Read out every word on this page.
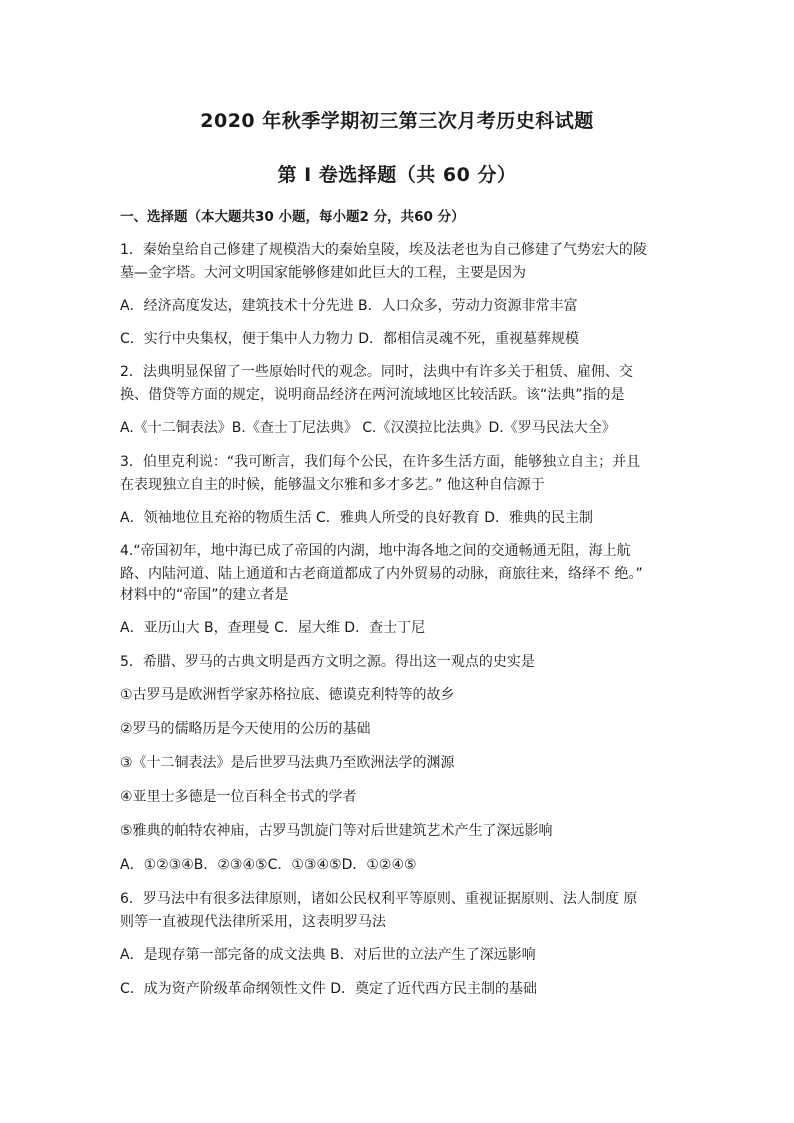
2020 年秋季学期初三第三次月考历史科试题
第 I 卷选择题（共 60 分）
一、选择题（本大题共30 小题，每小题2 分，共60 分）
1．秦始皇给自己修建了规模浩大的秦始皇陵，埃及法老也为自己修建了气势宏大的陵
墓—金字塔。大河文明国家能够修建如此巨大的工程，主要是因为
A．经济高度发达，建筑技术十分先进 B．人口众多，劳动力资源非常丰富
C．实行中央集权，便于集中人力物力 D．都相信灵魂不死，重视墓葬规模
2．法典明显保留了一些原始时代的观念。同时，法典中有许多关于租赁、雇佣、交
换、借贷等方面的规定，说明商品经济在两河流域地区比较活跃。该“法典”指的是
A.《十二铜表法》B.《查士丁尼法典》 C.《汉漠拉比法典》D.《罗马民法大全》
3．伯里克利说：“我可断言，我们每个公民，在许多生活方面，能够独立自主；并且
在表现独立自主的时候，能够温文尔雅和多才多艺。” 他这种自信源于
A．领袖地位且充裕的物质生活 C．雅典人所受的良好教育 D．雅典的民主制
4.“帝国初年，地中海已成了帝国的内湖，地中海各地之间的交通畅通无阻，海上航
路、内陆河道、陆上通道和古老商道都成了内外贸易的动脉，商旅往来，络绎不 绝。”
材料中的“帝国”的建立者是
A．亚历山大 B，查理曼 C．屋大维 D．查士丁尼
5．希腊、罗马的古典文明是西方文明之源。得出这一观点的史实是
①古罗马是欧洲哲学家苏格拉底、德谟克利特等的故乡
②罗马的儒略历是今天使用的公历的基础
③《十二铜表法》是后世罗马法典乃至欧洲法学的渊源
④亚里士多德是一位百科全书式的学者
⑤雅典的帕特农神庙，古罗马凯旋门等对后世建筑艺术产生了深远影响
A．①②③④B．②③④⑤C．①③④⑤D．①②④⑤
6．罗马法中有很多法律原则，诸如公民权利平等原则、重视证据原则、法人制度 原
则等一直被现代法律所采用，这表明罗马法
A．是现存第一部完备的成文法典 B．对后世的立法产生了深远影响
C．成为资产阶级革命纲领性文件 D．奠定了近代西方民主制的基础
